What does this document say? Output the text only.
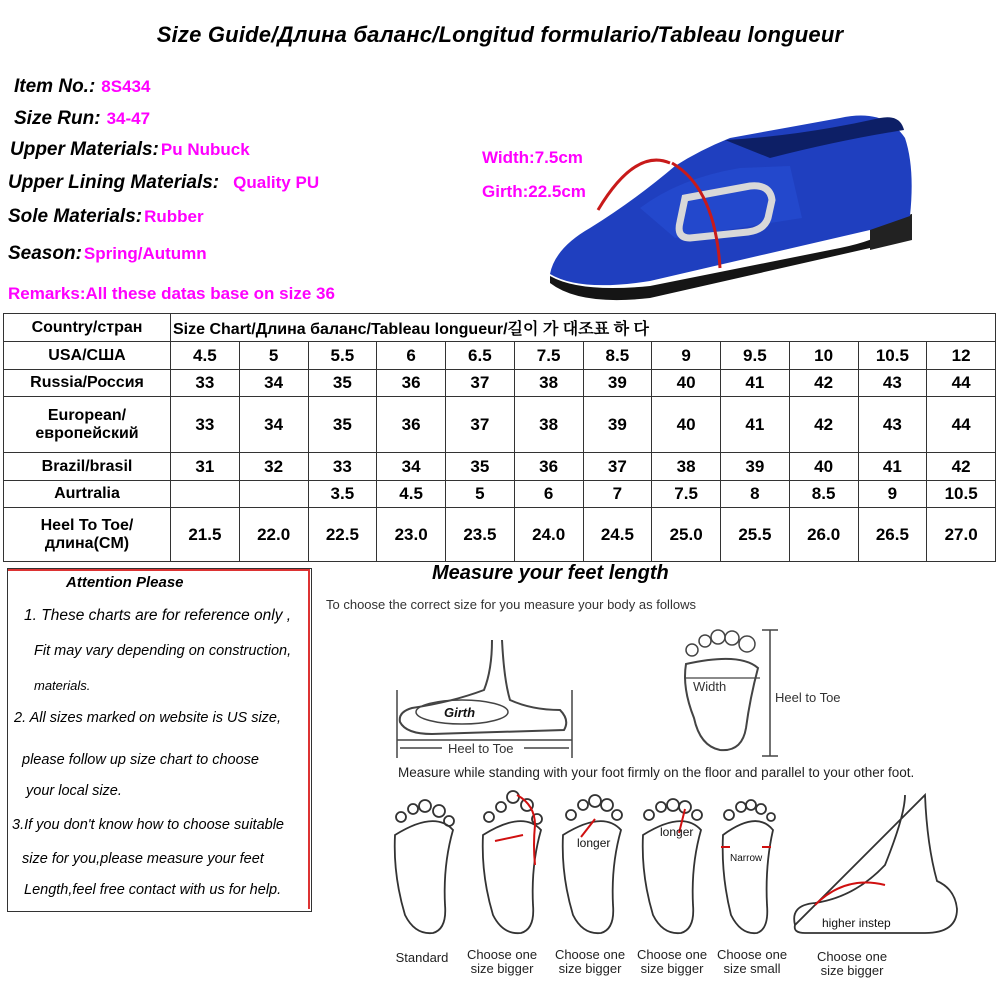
Size Guide/Длина баланс/Longitud formulario/Tableau longueur
Item No.: 8S434
Size Run: 34-47
Upper Materials: Pu Nubuck
Upper Lining Materials: Quality PU
Sole Materials: Rubber
Season: Spring/Autumn
Remarks:All these datas base on size 36
Width:7.5cm
Girth:22.5cm
Country/стран	Size Chart/Длина баланс/Tableau longueur/길이 가 대조표 하 다											
USA/США	4.5	5	5.5	6	6.5	7.5	8.5	9	9.5	10	10.5	12
Russia/Россия	33	34	35	36	37	38	39	40	41	42	43	44
European/европейский	33	34	35	36	37	38	39	40	41	42	43	44
Brazil/brasil	31	32	33	34	35	36	37	38	39	40	41	42
Aurtralia			3.5	4.5	5	6	7	7.5	8	8.5	9	10.5
Heel To Toe/длина(CM)	21.5	22.0	22.5	23.0	23.5	24.0	24.5	25.0	25.5	26.0	26.5	27.0
Attention Please
1. These charts are for reference only ,
Fit may vary depending on construction,
materials.
2. All sizes marked on website is US size,
please follow up size chart to choose
your local size.
3.If you don't know how to choose suitable
size for you,please measure your feet
Length,feel free contact with us for help.
Measure your feet length
To choose the correct size for you measure your body as follows
Girth
Heel to Toe
Width
Heel to Toe
Measure while standing with your foot firmly on the floor and parallel to your other foot.
longer
longer
Narrow
higher instep
Standard	Choose one
size bigger
Choose one
size bigger
Choose one
size bigger
Choose one
size small
Choose one
size bigger
